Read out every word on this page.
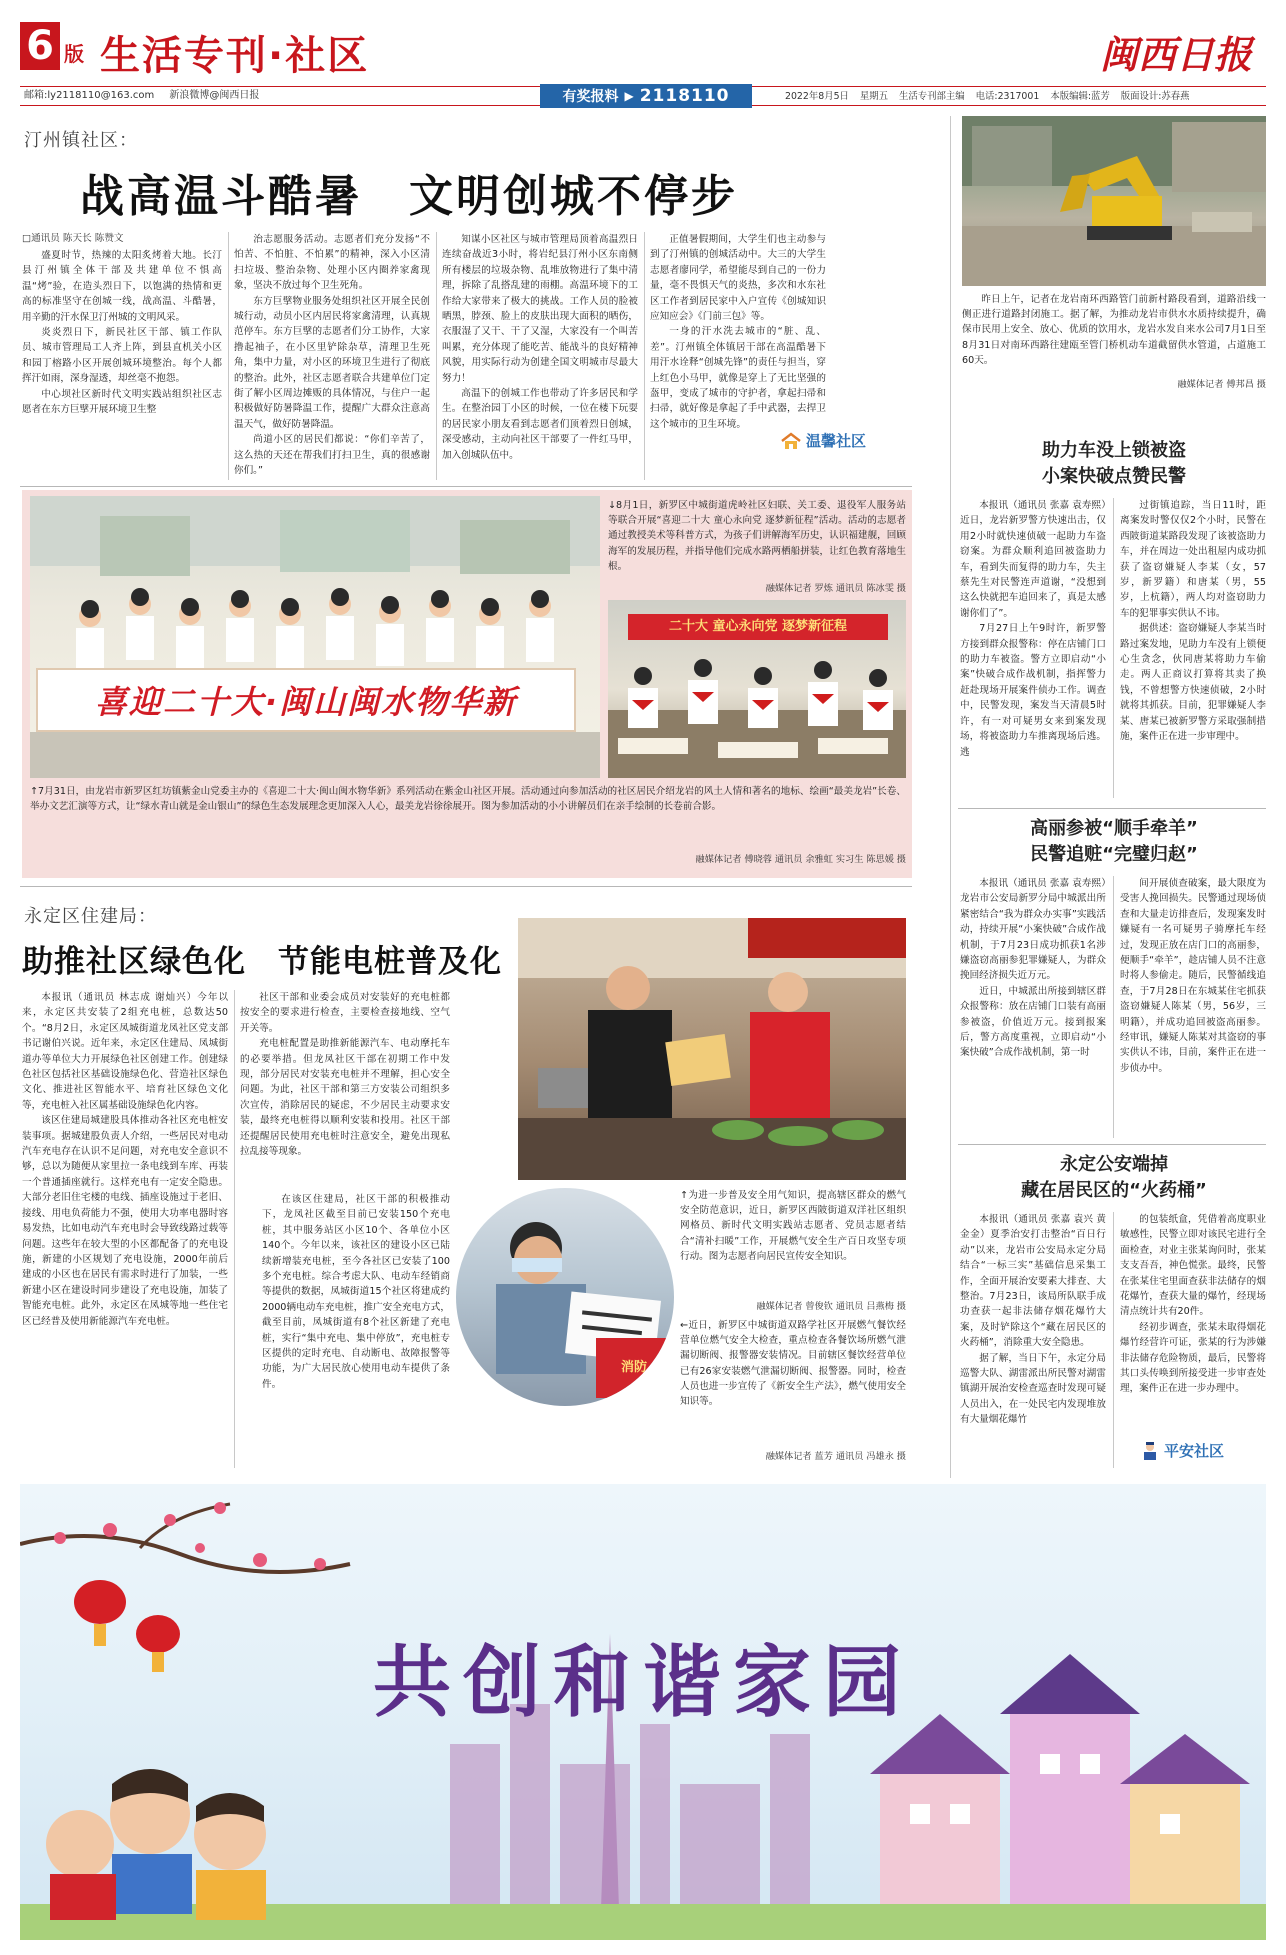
6 版 生活专刊·社区	闽西日报
邮箱:ly2118110@163.com 新浪微博@闽西日报	有奖报料 ▶ 2118110	2022年8月5日 星期五 生活专刊部主编 电话:2317001 本版编辑:蓝芳 版面设计:苏春燕
汀州镇社区：
战高温斗酷暑　文明创城不停步
□通讯员 陈天长 陈赞文

盛夏时节，热辣的太阳炙烤着大地。长汀县汀州镇全体干部及共建单位不惧高温“烤”验，在造头烈日下，以饱满的热情和更高的标准坚守在创城一线，战高温、斗酷暑，用辛勤的汗水保卫汀州城的文明风采。

炎炎烈日下，新民社区干部、镇工作队员、城市管理局工人齐上阵，到县直机关小区和园丁榕路小区开展创城环境整治。每个人都挥汗如雨，深身湿透，却丝毫不抱怨。

中心坝社区新时代文明实践站组织社区志愿者在东方巨擘开展环境卫生整

治志愿服务活动。志愿者们充分发扬“不怕苦、不怕脏、不怕累”的精神，深入小区清扫垃圾、整治杂物、处理小区内圈养家禽现象，坚决不放过每个卫生死角。

东方巨擘物业服务处组织社区开展全民创城行动，动员小区内居民将家禽清理，认真规范停车。东方巨擘的志愿者们分工协作，大家撸起袖子，在小区里铲除杂草，清理卫生死角，集中力量，对小区的环境卫生进行了彻底的整治。此外，社区志愿者联合共建单位门定街了解小区周边摊贩的具体情况，与住户一起积极做好防暑降温工作，提醒广大群众注意高温天气，做好防暑降温。

尚道小区的居民们都说：“你们辛苦了，这么热的天还在帮我们打扫卫生，真的很感谢你们。”

知谋小区社区与城市管理局顶着高温烈日连续奋战近3小时，将岩纪县汀州小区东南侧所有楼层的垃圾杂物、乱堆放物进行了集中清理，拆除了乱搭乱建的雨棚。高温环境下的工作给大家带来了极大的挑战。工作人员的脸被晒黑，脖颈、脸上的皮肤出现大面积的晒伤，衣服湿了又干、干了又湿，大家没有一个叫苦叫累，充分体现了能吃苦、能战斗的良好精神风貌，用实际行动为创建全国文明城市尽最大努力！

高温下的创城工作也带动了许多居民和学生。在整治园丁小区的时候，一位在楼下玩耍的居民家小朋友看到志愿者们顶着烈日创城，深受感动，主动向社区干部要了一件红马甲，加入创城队伍中。

正值暑假期间，大学生们也主动参与到了汀州镇的创城活动中。大三的大学生志愿者廖同学，希望能尽到自己的一份力量，毫不畏惧天气的炎热，多次和水东社区工作者到居民家中入户宣传《创城知识应知应会》《门前三包》等。

一身的汗水洗去城市的“脏、乱、差”。汀州镇全体镇居干部在高温酷暑下用汗水诠释“创城先锋”的责任与担当，穿上红色小马甲，就像是穿上了无比坚强的盔甲，变成了城市的守护者，拿起扫帚和扫帚，就好像是拿起了手中武器，去捍卫这个城市的卫生环境。

温馨社区

昨日上午，记者在龙岩南环西路管门前新村路段看到，道路沿线一侧正进行道路封闭施工。据了解，为推动龙岩市供水水质持续提升，确保市民用上安全、放心、优质的饮用水，龙岩水发自来水公司7月1日至8月31日对南环西路往建瓯至管门桥机动车道截留供水管道，占道施工60天。

融媒体记者 傅邦昌 摄
助力车没上锁被盗
小案快破点赞民警

本报讯（通讯员 张嘉 袁寿熙）近日，龙岩新罗警方快速出击，仅用2小时就快速侦破一起助力车盗窃案。为群众顺利追回被盗助力车，看到失而复得的助力车，失主蔡先生对民警连声道谢，“没想到这么快就把车追回来了，真是太感谢你们了”。

7月27日上午9时许，新罗警方接到群众报警称：停在店铺门口的助力车被盗。警方立即启动“小案”快破合成作战机制，指挥警力赶赴现场开展案件侦办工作。调查中，民警发现，案发当天清晨5时许，有一对可疑男女来到案发现场，将被盗助力车推离现场后逃。逃

过街镇追踪，当日11时，距离案发时警仅仅2个小时，民警在西陂街道某路段发现了该被盗助力车，并在周边一处出租屋内成功抓获了盗窃嫌疑人李某（女，57岁，新罗籍）和唐某（男，55岁，上杭籍），两人均对盗窃助力车的犯罪事实供认不讳。

据供述：盗窃嫌疑人李某当时路过案发地，见助力车没有上锁便心生贪念，伙同唐某将助力车偷走。两人正商议打算将其卖了换钱，不曾想警方快速侦破，2小时就将其抓获。目前，犯罪嫌疑人李某、唐某已被新罗警方采取强制措施，案件正在进一步审理中。

喜迎二十大·闽山闽水物华新

↑7月31日，由龙岩市新罗区红坊镇紫金山党委主办的《喜迎二十大·闽山闽水物华新》系列活动在紫金山社区开展。活动通过向参加活动的社区居民介绍龙岩的风土人情和著名的地标、绘画“最美龙岩”长卷、举办文艺汇演等方式，让“绿水青山就是金山银山”的绿色生态发展理念更加深入人心，最美龙岩徐徐展开。图为参加活动的小小讲解员们在亲手绘制的长卷前合影。

融媒体记者 傅晓蓉 通讯员 余雅虹 实习生 陈思媛 摄

↓8月1日，新罗区中城街道虎岭社区妇联、关工委、退役军人服务站等联合开展“喜迎二十大 童心永向党 逐梦新征程”活动。活动的志愿者通过教授美术等科普方式，为孩子们讲解海军历史，认识福建舰，回顾海军的发展历程，并指导他们完成水路两栖船拼装，让红色教育落地生根。

融媒体记者 罗炼 通讯员 陈冰雯 摄
二十大 童心永向党 逐梦新征程
高丽参被“顺手牵羊”
民警追赃“完璧归赵”

本报讯（通讯员 张嘉 袁寿熙）龙岩市公安局新罗分局中城派出所紧密结合“我为群众办实事”实践活动，持续开展“小案快破”合成作战机制，于7月23日成功抓获1名涉嫌盗窃高丽参犯罪嫌疑人，为群众挽回经济损失近万元。

近日，中城派出所接到辖区群众报警称：放在店铺门口装有高丽参被盗，价值近万元。接到报案后，警方高度重视，立即启动“小案快破”合成作战机制，第一时

间开展侦查破案，最大限度为受害人挽回损失。民警通过现场侦查和大量走访排查后，发现案发时嫌疑有一名可疑男子骑摩托车经过，发现正放在店门口的高丽参，便顺手“牵羊”，趁店铺人员不注意时将人参偷走。随后，民警循线追查，于7月28日在东城某住宅抓获盗窃嫌疑人陈某（男，56岁，三明籍），并成功追回被盗高丽参。经审讯，嫌疑人陈某对其盗窃的事实供认不讳，目前，案件正在进一步侦办中。

永定公安端掉
藏在居民区的“火药桶”

本报讯（通讯员 张嘉 袁兴 黄金金）夏季治安打击整治“百日行动”以来，龙岩市公安局永定分局结合“一标三实”基础信息采集工作，全面开展治安要素大排查、大整治。7月23日，该局所队联手成功查获一起非法储存烟花爆竹大案，及时铲除这个“藏在居民区的火药桶”，消除重大安全隐患。

据了解，当日下午，永定分局巡警大队、湖雷派出所民警对湖雷镇湖开展治安检查巡查时发现可疑人员出入，在一处民宅内发现堆放有大量烟花爆竹

的包装纸盒，凭借着高度职业敏感性，民警立即对该民宅进行全面检查，对业主张某询问时，张某支支吾吾，神色慌张。最终，民警在张某住宅里面查获非法储存的烟花爆竹，查获大量的爆竹，经现场清点统计共有20件。

经初步调查，张某未取得烟花爆竹经营许可证，张某的行为涉嫌非法储存危险物质，最后，民警将其口头传唤到所接受进一步审查处理，案件正在进一步办理中。

平安社区
永定区住建局：
助推社区绿色化　节能电桩普及化

本报讯（通讯员 林志成 谢灿兴）今年以来，永定区共安装了2组充电桩，总数达50个。“8月2日，永定区凤城街道龙凤社区党支部书记谢伯兴说。近年来，永定区住建局、凤城街道办等单位大力开展绿色社区创建工作。创建绿色社区包括社区基础设施绿色化、营造社区绿色文化、推进社区智能水平、培育社区绿色文化等，充电桩入社区属基础设施绿色化内容。

该区住建局城建股具体推动各社区充电桩安装事项。据城建股负责人介绍，一些居民对电动汽车充电存在认识不足问题，对充电安全意识不够，总以为随便从家里拉一条电线到车库、再装一个普通插座就行。这样充电有一定安全隐患。大部分老旧住宅楼的电线、插座设施过于老旧、接线、用电负荷能力不强，使用大功率电器时容易发热，比如电动汽车充电时会导致线路过载等问题。这些年在较大型的小区都配备了的充电设施，新建的小区规划了充电设施，2000年前后建成的小区也在居民有需求时进行了加装，一些新建小区在建设时同步建设了充电设施，加装了智能充电桩。此外，永定区在凤城等地一些住宅区已经普及使用新能源汽车充电桩。

社区干部和业委会成员对安装好的充电桩都按安全的要求进行检查，主要检查接地线、空气开关等。

充电桩配置是助推新能源汽车、电动摩托车的必要举措。但龙凤社区干部在初期工作中发现，部分居民对安装充电桩并不理解，担心安全问题。为此，社区干部和第三方安装公司组织多次宣传，消除居民的疑虑，不少居民主动要求安装，最终充电桩得以顺利安装和投用。社区干部还提醒居民使用充电桩时注意安全，避免出现私拉乱接等现象。

在该区住建局，社区干部的积极推动下，龙凤社区截至目前已安装150个充电桩，其中服务站区小区10个、各单位小区140个。今年以来，该社区的建设小区已陆续新增装充电桩，至今各社区已安装了100多个充电桩。综合考虑大队、电动车经销商等提供的数据，凤城街道15个社区将建成约2000辆电动车充电桩，推广安全充电方式，截至目前，凤城街道有8个社区新建了充电桩，实行“集中充电、集中停放”，充电桩专区提供的定时充电、自动断电、故障报警等功能，为广大居民放心使用电动车提供了条件。

↑为进一步普及安全用气知识，提高辖区群众的燃气安全防范意识，近日，新罗区西陂街道双洋社区组织网格员、新时代文明实践站志愿者、党员志愿者结合“清补扫暖”工作，开展燃气安全生产百日攻坚专项行动。图为志愿者向居民宣传安全知识。

融媒体记者 曾俊钦 通讯员 吕燕梅 摄
消防

←近日，新罗区中城街道双路学社区开展燃气餐饮经营单位燃气安全大检查，重点检查各餐饮场所燃气泄漏切断阀、报警器安装情况。目前辖区餐饮经营单位已有26家安装燃气泄漏切断阀、报警器。同时，检查人员也进一步宣传了《新安全生产法》，燃气使用安全知识等。

融媒体记者 蓝芳 通讯员 冯雄永 摄
共创和谐家园
